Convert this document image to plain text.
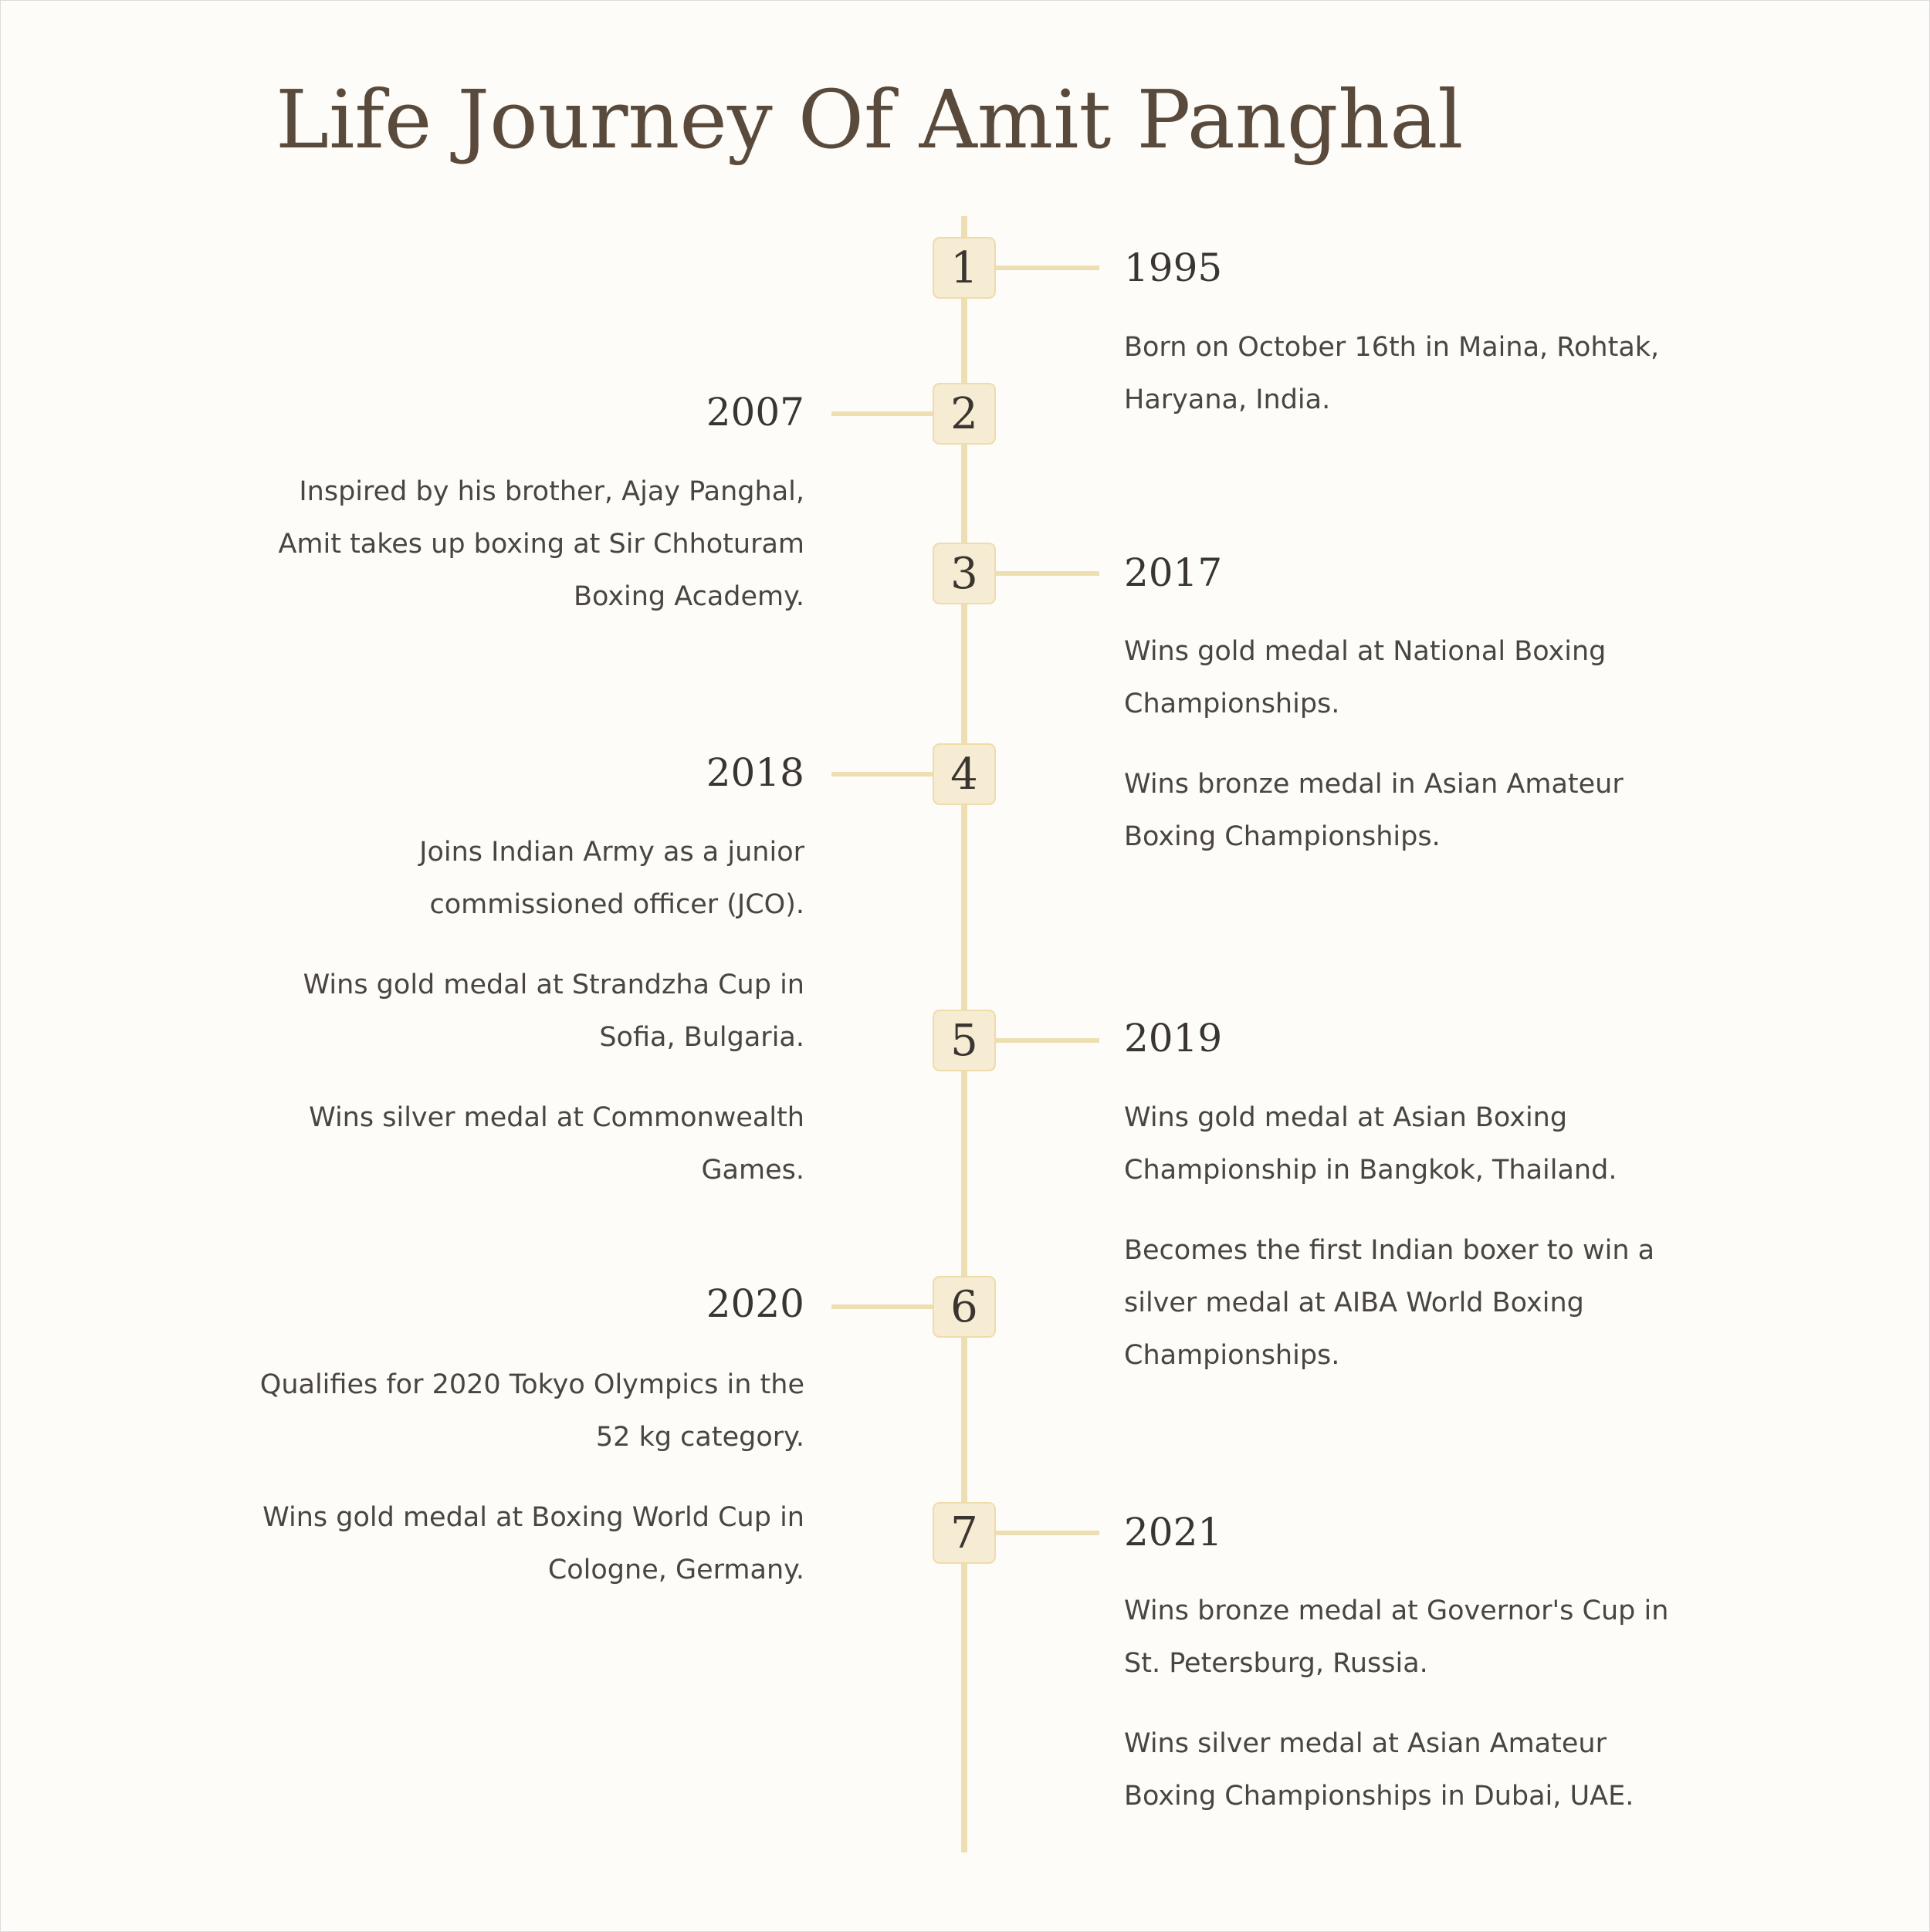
Life Journey Of Amit Panghal
1
2
3
4
5
6
7
1995

Born on October 16th in Maina, Rohtak, Haryana, India.

2007

Inspired by his brother, Ajay Panghal, Amit takes up boxing at Sir Chhoturam Boxing Academy.

2017

Wins gold medal at National Boxing Championships.

Wins bronze medal in Asian Amateur Boxing Championships.

2018

Joins Indian Army as a junior commissioned officer (JCO).

Wins gold medal at Strandzha Cup in Sofia, Bulgaria.

Wins silver medal at Commonwealth Games.

2019

Wins gold medal at Asian Boxing Championship in Bangkok, Thailand.

Becomes the first Indian boxer to win a silver medal at AIBA World Boxing Championships.

2020

Qualifies for 2020 Tokyo Olympics in the 52 kg category.

Wins gold medal at Boxing World Cup in Cologne, Germany.

2021

Wins bronze medal at Governor's Cup in St. Petersburg, Russia.

Wins silver medal at Asian Amateur Boxing Championships in Dubai, UAE.
